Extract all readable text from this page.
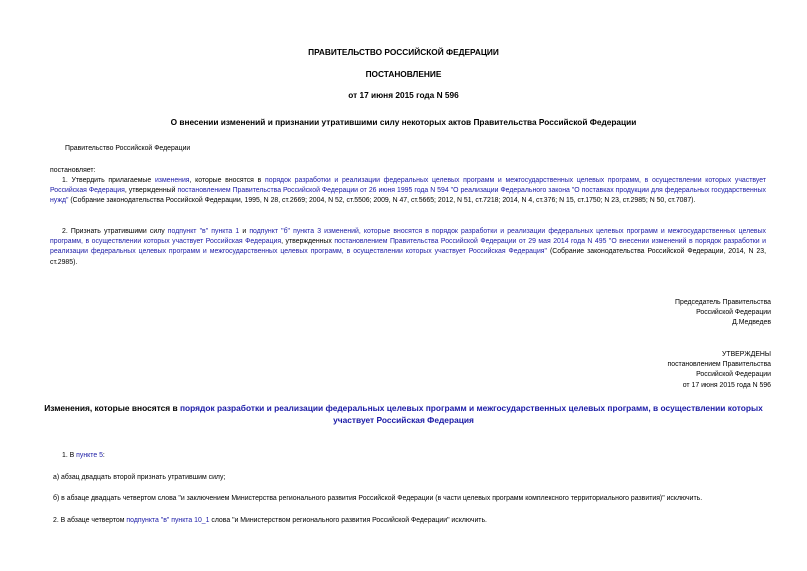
ПРАВИТЕЛЬСТВО РОССИЙСКОЙ ФЕДЕРАЦИИ
ПОСТАНОВЛЕНИЕ
от 17 июня 2015 года N 596
О внесении изменений и признании утратившими силу некоторых актов Правительства Российской Федерации
Правительство Российской Федерации
постановляет:
1. Утвердить прилагаемые изменения, которые вносятся в порядок разработки и реализации федеральных целевых программ и межгосударственных целевых программ, в осуществлении которых участвует Российская Федерация, утвержденный постановлением Правительства Российской Федерации от 26 июня 1995 года N 594 "О реализации Федерального закона "О поставках продукции для федеральных государственных нужд" (Собрание законодательства Российской Федерации, 1995, N 28, ст.2669; 2004, N 52, ст.5506; 2009, N 47, ст.5665; 2012, N 51, ст.7218; 2014, N 4, ст.376; N 15, ст.1750; N 23, ст.2985; N 50, ст.7087).
2. Признать утратившими силу подпункт "в" пункта 1 и подпункт "б" пункта 3 изменений, которые вносятся в порядок разработки и реализации федеральных целевых программ и межгосударственных целевых программ, в осуществлении которых участвует Российская Федерация, утвержденных постановлением Правительства Российской Федерации от 29 мая 2014 года N 495 "О внесении изменений в порядок разработки и реализации федеральных целевых программ и межгосударственных целевых программ, в осуществлении которых участвует Российская Федерация" (Собрание законодательства Российской Федерации, 2014, N 23, ст.2985).
Председатель Правительства
Российской Федерации
Д.Медведев
УТВЕРЖДЕНЫ
постановлением Правительства
Российской Федерации
от 17 июня 2015 года N 596
Изменения, которые вносятся в порядок разработки и реализации федеральных целевых программ и межгосударственных целевых программ, в осуществлении которых участвует Российская Федерация
1. В пункте 5:
а) абзац двадцать второй признать утратившим силу;
б) в абзаце двадцать четвертом слова "и заключением Министерства регионального развития Российской Федерации (в части целевых программ комплексного территориального развития)" исключить.
2. В абзаце четвертом подпункта "в" пункта 10_1 слова "и Министерством регионального развития Российской Федерации" исключить.
